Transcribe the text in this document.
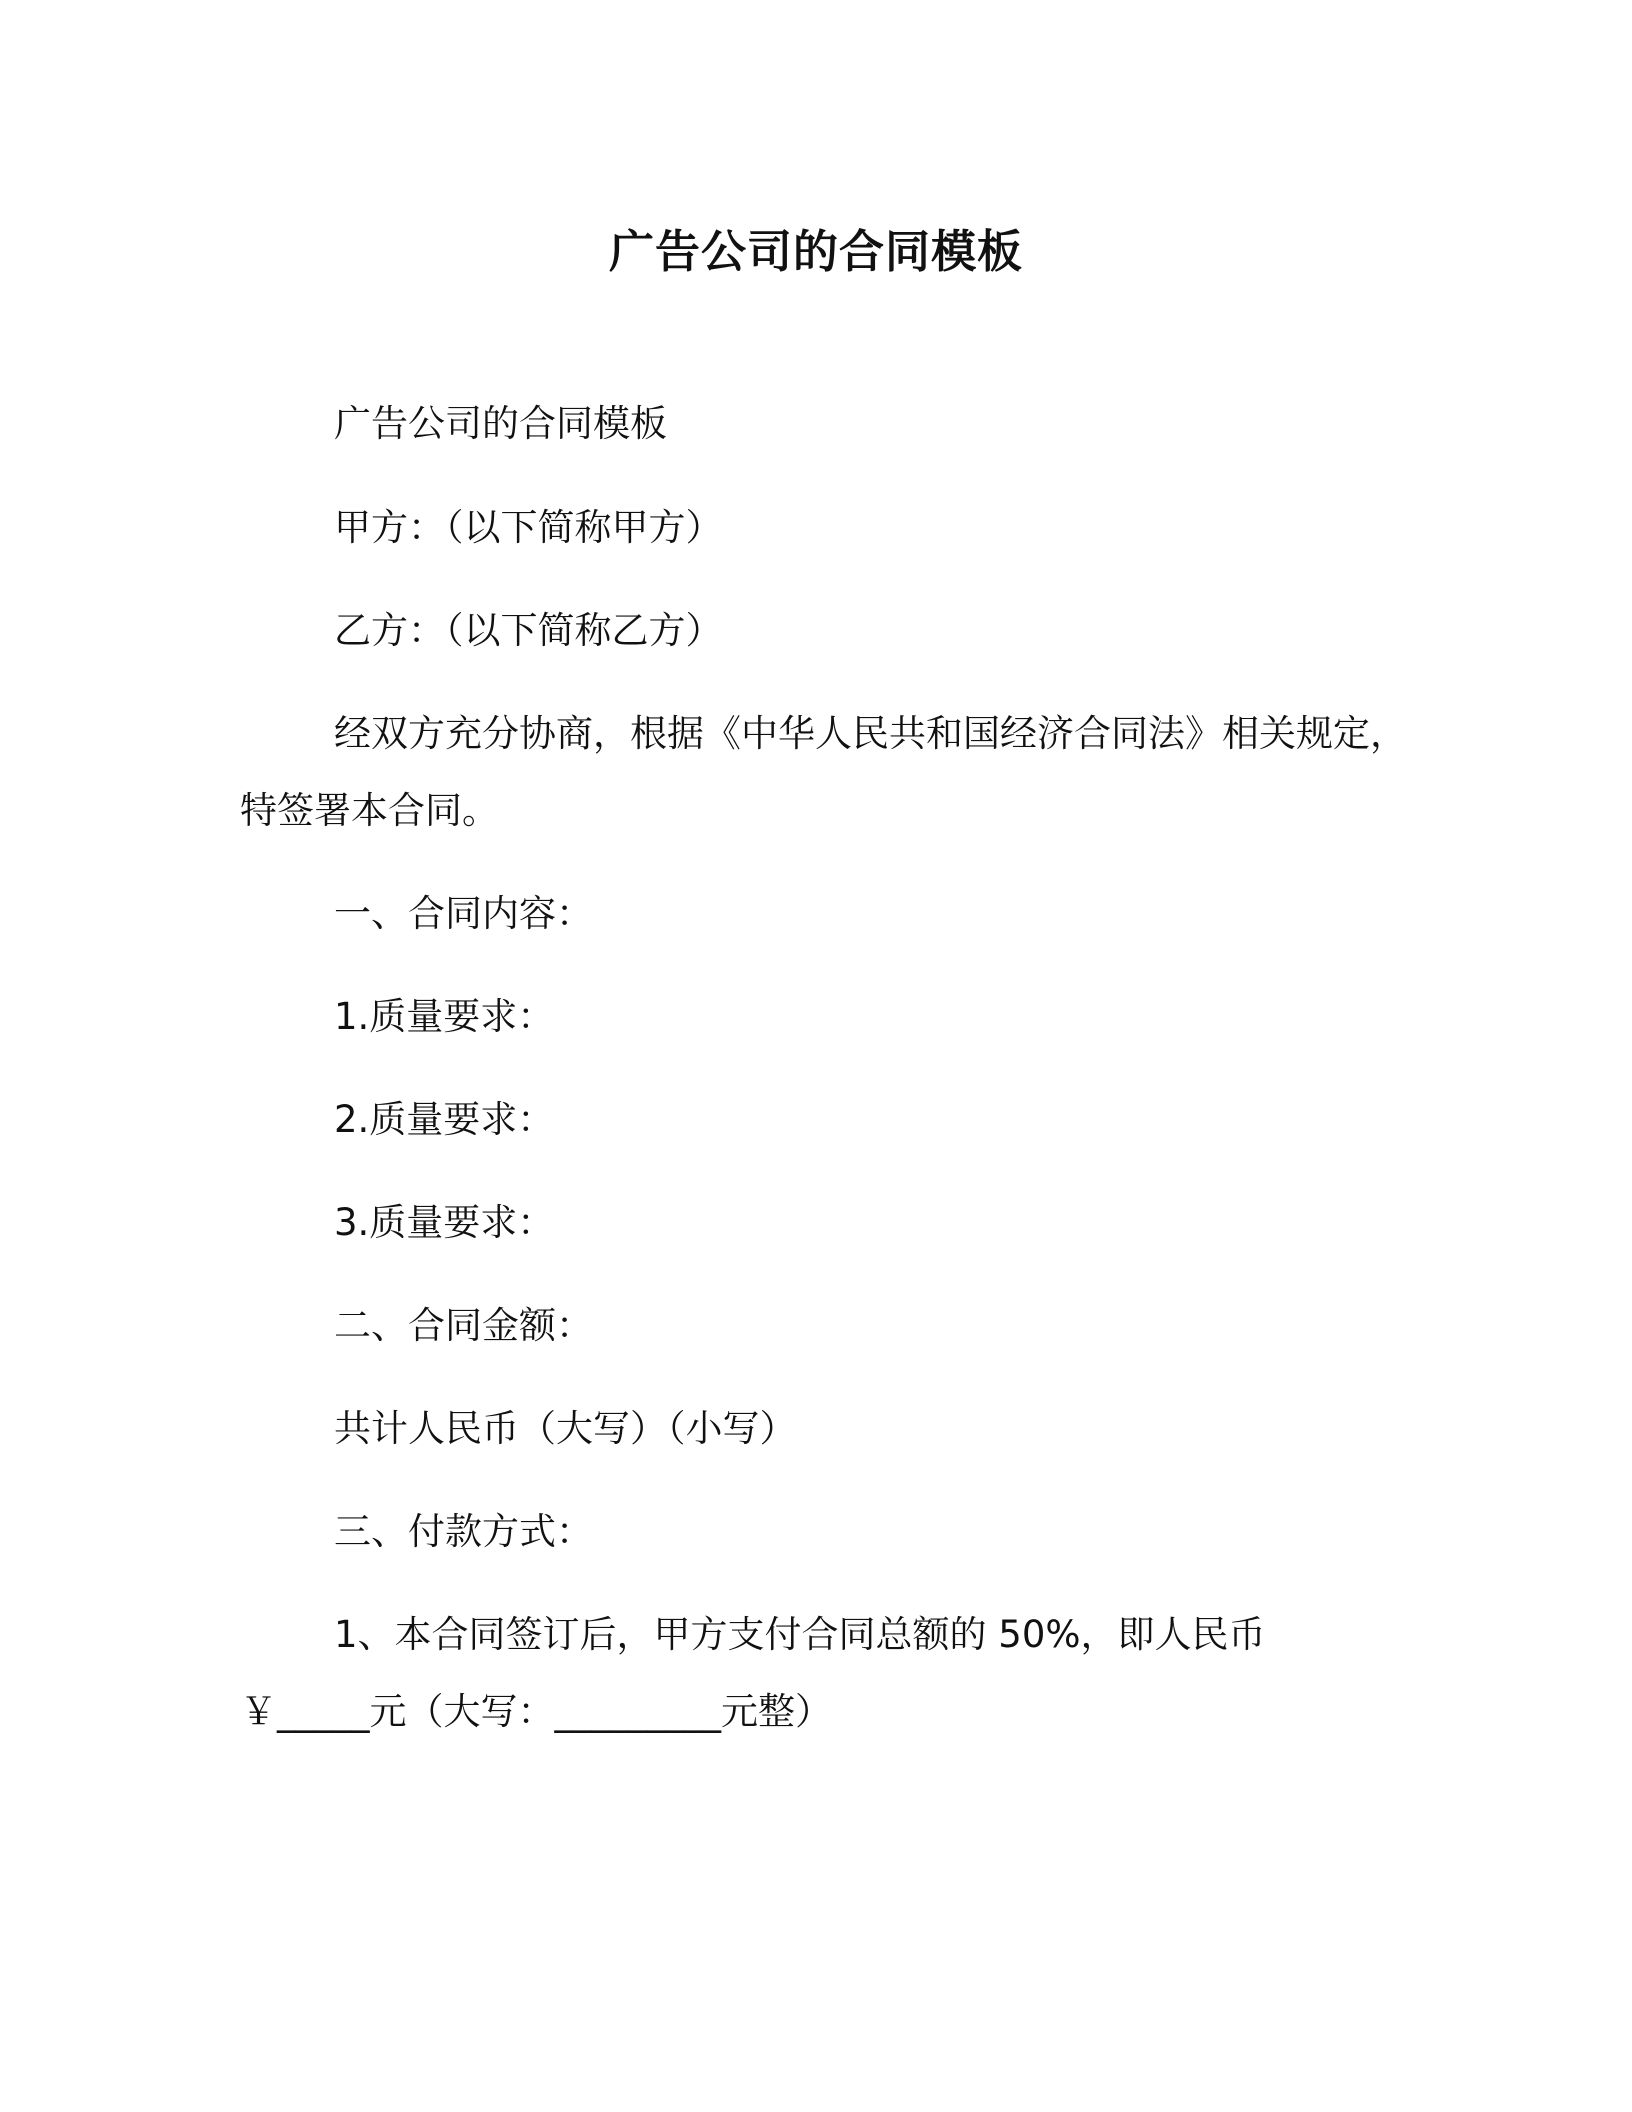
广告公司的合同模板
广告公司的合同模板
甲方：（以下简称甲方）
乙方：（以下简称乙方）
经双方充分协商，根据《中华人民共和国经济合同法》相关规定，特签署本合同。
一、合同内容：
1.质量要求：
2.质量要求：
3.质量要求：
二、合同金额：
共计人民币（大写）（小写）
三、付款方式：
1、本合同签订后，甲方支付合同总额的 50%，即人民币
￥_____元（大写：_________元整）
